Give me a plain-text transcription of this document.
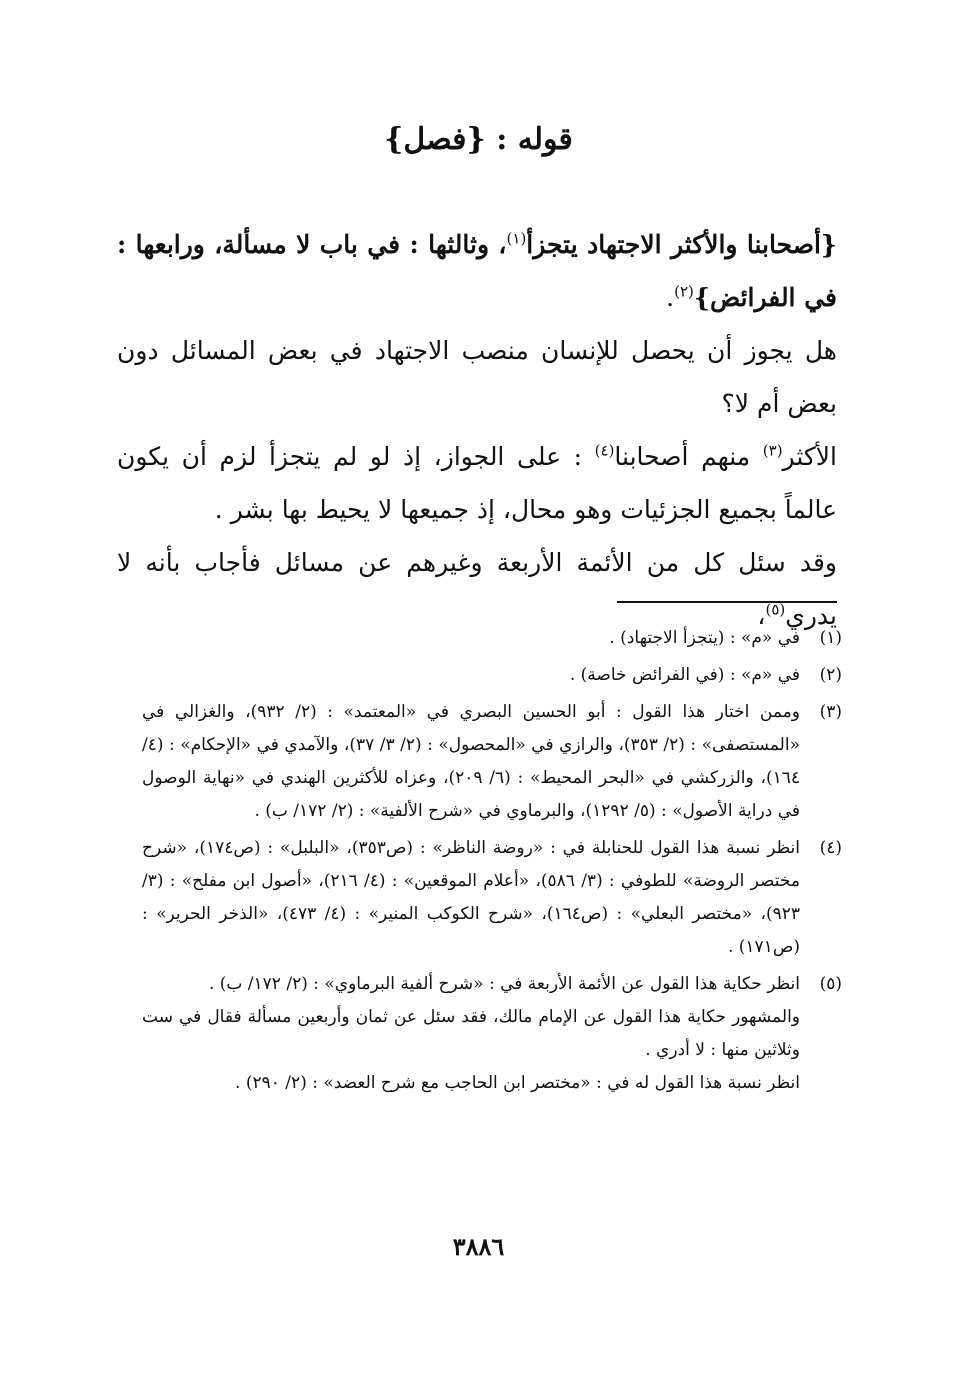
قوله : {فصل}

{أصحابنا والأكثر الاجتهاد يتجزأ$^{(١)}$، وثالثها : في باب لا مسألة، ورابعها : في الفرائض}$^{(٢)}$.

هل يجوز أن يحصل للإنسان منصب الاجتهاد في بعض المسائل دون بعض أم لا؟

الأكثر$^{(٣)}$ منهم أصحابنا$^{(٤)}$ : على الجواز، إذ لو لم يتجزأ لزم أن يكون عالماً بجميع الجزئيات وهو محال، إذ جميعها لا يحيط بها بشر .

وقد سئل كل من الأئمة الأربعة وغيرهم عن مسائل فأجاب بأنه لا يدري$^{(٥)}$،

(١)
في «م» : (يتجزأ الاجتهاد) .
(٢)
في «م» : (في الفرائض خاصة) .
(٣)
وممن اختار هذا القول : أبو الحسين البصري في «المعتمد» : (٢/ ٩٣٢)، والغزالي في «المستصفى» : (٢/ ٣٥٣)، والرازي في «المحصول» : (٢/ ٣/ ٣٧)، والآمدي في «الإحكام» : (٤/ ١٦٤)، والزركشي في «البحر المحيط» : (٦/ ٢٠٩)، وعزاه للأكثرين الهندي في «نهاية الوصول في دراية الأصول» : (٥/ ١٢٩٢)، والبرماوي في «شرح الألفية» : (٢/ ١٧٢/ ب) .
(٤)
انظر نسبة هذا القول للحنابلة في : «روضة الناظر» : (ص٣٥٣)، «البلبل» : (ص١٧٤)، «شرح مختصر الروضة» للطوفي : (٣/ ٥٨٦)، «أعلام الموقعين» : (٤/ ٢١٦)، «أصول ابن مفلح» : (٣/ ٩٢٣)، «مختصر البعلي» : (ص١٦٤)، «شرح الكوكب المنير» : (٤/ ٤٧٣)، «الذخر الحرير» : (ص١٧١) .
(٥)
انظر حكاية هذا القول عن الأئمة الأربعة في : «شرح ألفية البرماوي» : (٢/ ١٧٢/ ب) .
والمشهور حكاية هذا القول عن الإمام مالك، فقد سئل عن ثمان وأربعين مسألة فقال في ست وثلاثين منها : لا أدري .
انظر نسبة هذا القول له في : «مختصر ابن الحاجب مع شرح العضد» : (٢/ ٢٩٠) .
٣٨٨٦
